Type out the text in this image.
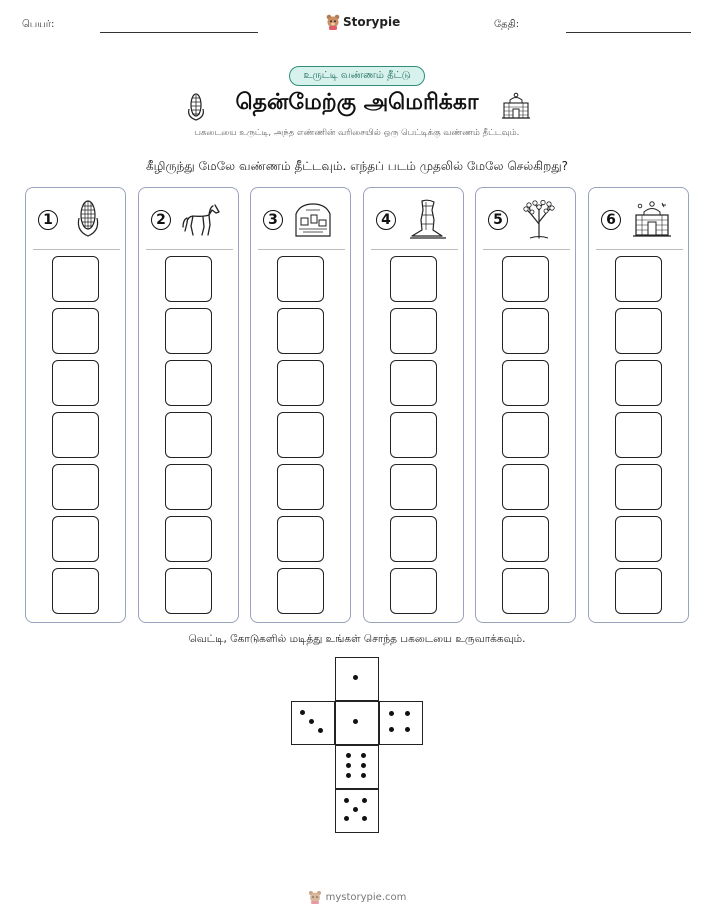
பெயர்:	Storypie	தேதி:
உருட்டி வண்ணம் தீட்டு
தென்மேற்கு அமெரிக்கா
பகடையை உருட்டி, அந்த எண்ணின் வரிசையில் ஒரு பெட்டிக்கு வண்ணம் தீட்டவும்.
கீழிருந்து மேலே வண்ணம் தீட்டவும். எந்தப் படம் முதலில் மேலே செல்கிறது?
1	2	3	4	5	6
வெட்டி, கோடுகளில் மடித்து உங்கள் சொந்த பகடையை உருவாக்கவும்.
mystorypie.com
